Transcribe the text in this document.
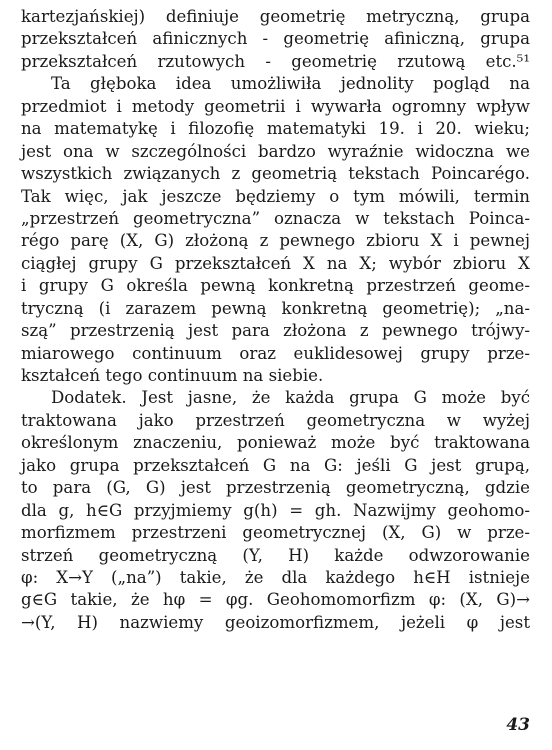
kartezjańskiej) definiuje geometrię metryczną, grupa
przekształceń afinicznych - geometrię afiniczną, grupa
przekształceń rzutowych - geometrię rzutową etc.⁵¹
Ta głęboka idea umożliwiła jednolity pogląd na
przedmiot i metody geometrii i wywarła ogromny wpływ
na matematykę i filozofię matematyki 19. i 20. wieku;
jest ona w szczególności bardzo wyraźnie widoczna we
wszystkich związanych z geometrią tekstach Poincarégo.
Tak więc, jak jeszcze będziemy o tym mówili, termin
„przestrzeń geometryczna” oznacza w tekstach Poinca-
régo parę (X, G) złożoną z pewnego zbioru X i pewnej
ciągłej grupy G przekształceń X na X; wybór zbioru X
i grupy G określa pewną konkretną przestrzeń geome-
tryczną (i zarazem pewną konkretną geometrię); „na-
szą” przestrzenią jest para złożona z pewnego trójwy-
miarowego continuum oraz euklidesowej grupy prze-
kształceń tego continuum na siebie.
Dodatek. Jest jasne, że każda grupa G może być
traktowana jako przestrzeń geometryczna w wyżej
określonym znaczeniu, ponieważ może być traktowana
jako grupa przekształceń G na G: jeśli G jest grupą,
to para (G, G) jest przestrzenią geometryczną, gdzie
dla g, h∈G przyjmiemy g(h) = gh. Nazwijmy geohomo-
morfizmem przestrzeni geometrycznej (X, G) w prze-
strzeń geometryczną (Y, H) każde odwzorowanie
φ: X→Y („na”) takie, że dla każdego h∈H istnieje
g∈G takie, że hφ = φg. Geohomomorfizm φ: (X, G)→
→(Y, H) nazwiemy geoizomorfizmem, jeżeli φ jest
43
